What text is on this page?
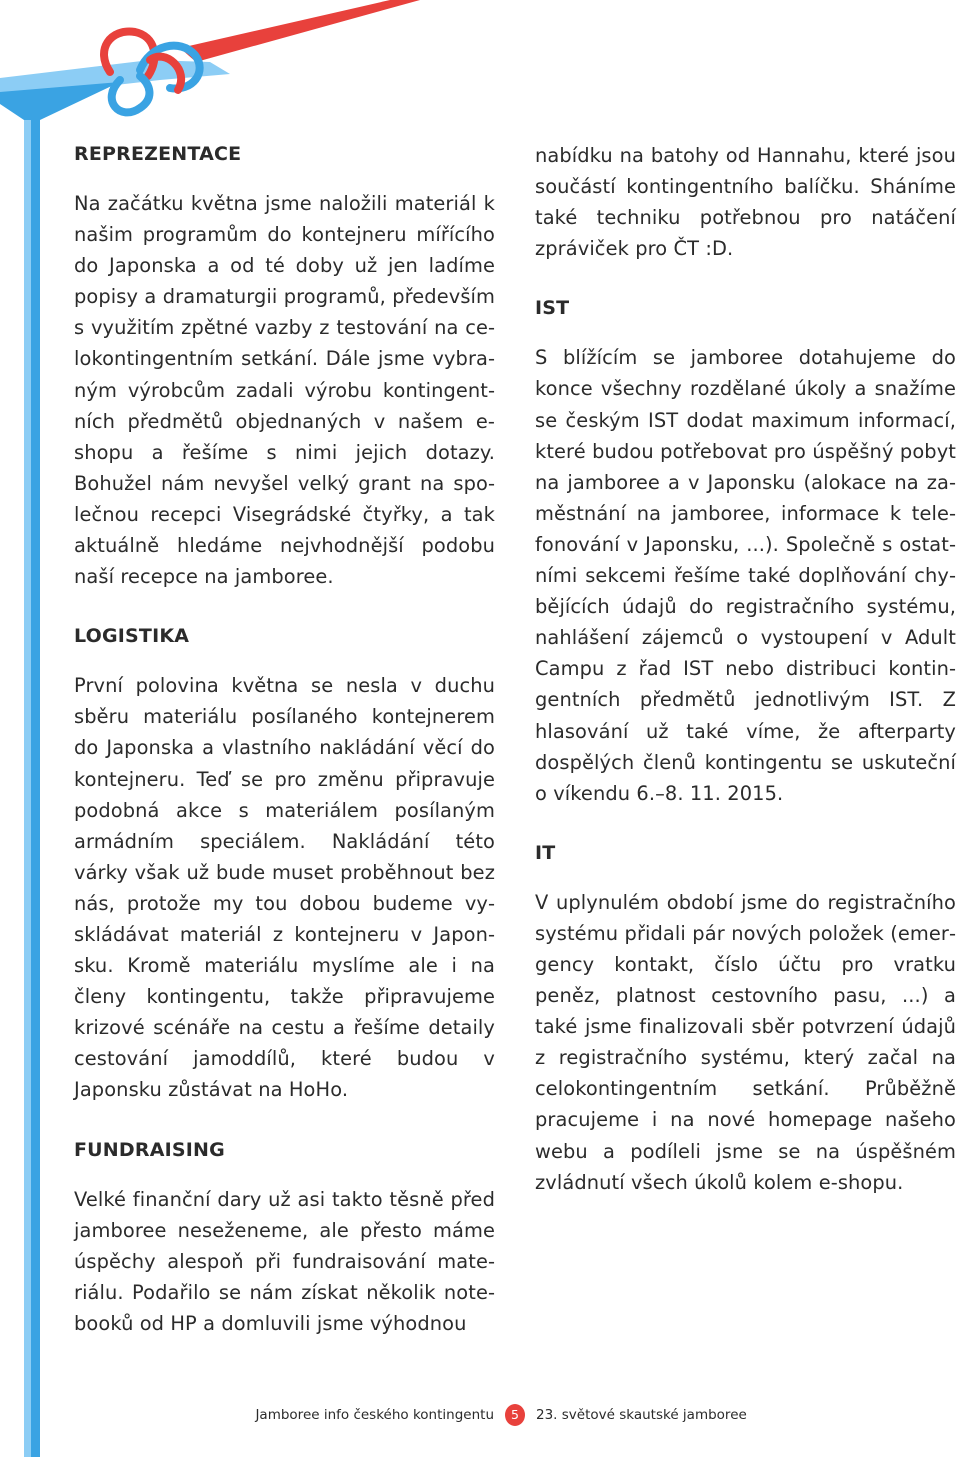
REPREZENTACE

Na začátku května jsme naložili materiál k našim programům do kontejneru mířícího do Japonska a od té doby už jen ladíme popisy a dramaturgii programů, především s využitím zpětné vazby z testování na celokontingentním setkání. Dále jsme vybraným výrobcům zadali výrobu kontingentních předmětů objednaných v našem e-shopu a řešíme s nimi jejich dotazy. Bohužel nám nevyšel velký grant na společnou recepci Visegrádské čtyřky, a tak aktuálně hledáme nejvhodnější podobu naší recepce na jamboree.

LOGISTIKA

První polovina května se nesla v duchu sběru materiálu posílaného kontejnerem do Japonska a vlastního nakládání věcí do kontejneru. Teď se pro změnu připravuje podobná akce s materiálem posílaným armádním speciálem. Nakládání této várky však už bude muset proběhnout bez nás, protože my tou dobou budeme vyskládávat materiál z kontejneru v Japonsku. Kromě materiálu myslíme ale i na členy kontingentu, takže připravujeme krizové scénáře na cestu a řešíme detaily cestování jamoddílů, které budou v Japonsku zůstávat na HoHo.

FUNDRAISING

Velké finanční dary už asi takto těsně před jamboree neseženeme, ale přesto máme úspěchy alespoň při fundraisování materiálu. Podařilo se nám získat několik notebooků od HP a domluvili jsme výhodnou

nabídku na batohy od Hannahu, které jsou součástí kontingentního balíčku. Sháníme také techniku potřebnou pro natáčení zpráviček pro ČT :D.

IST

S blížícím se jamboree dotahujeme do konce všechny rozdělané úkoly a snažíme se českým IST dodat maximum informací, které budou potřebovat pro úspěšný pobyt na jamboree a v Japonsku (alokace na zaměstnání na jamboree, informace k telefonování v Japonsku, ...). Společně s ostatními sekcemi řešíme také doplňování chybějících údajů do registračního systému, nahlášení zájemců o vystoupení v Adult Campu z řad IST nebo distribuci kontingentních předmětů jednotlivým IST. Z hlasování už také víme, že afterparty dospělých členů kontingentu se uskuteční o víkendu 6.–8. 11. 2015.

IT

V uplynulém období jsme do registračního systému přidali pár nových položek (emergency kontakt, číslo účtu pro vratku peněz, platnost cestovního pasu, ...) a také jsme finalizovali sběr potvrzení údajů z registračního systému, který začal na celokontingentním setkání. Průběžně pracujeme i na nové homepage našeho webu a podíleli jsme se na úspěšném zvládnutí všech úkolů kolem e-shopu.

Jamboree info českého kontingentu	5	23. světové skautské jamboree
